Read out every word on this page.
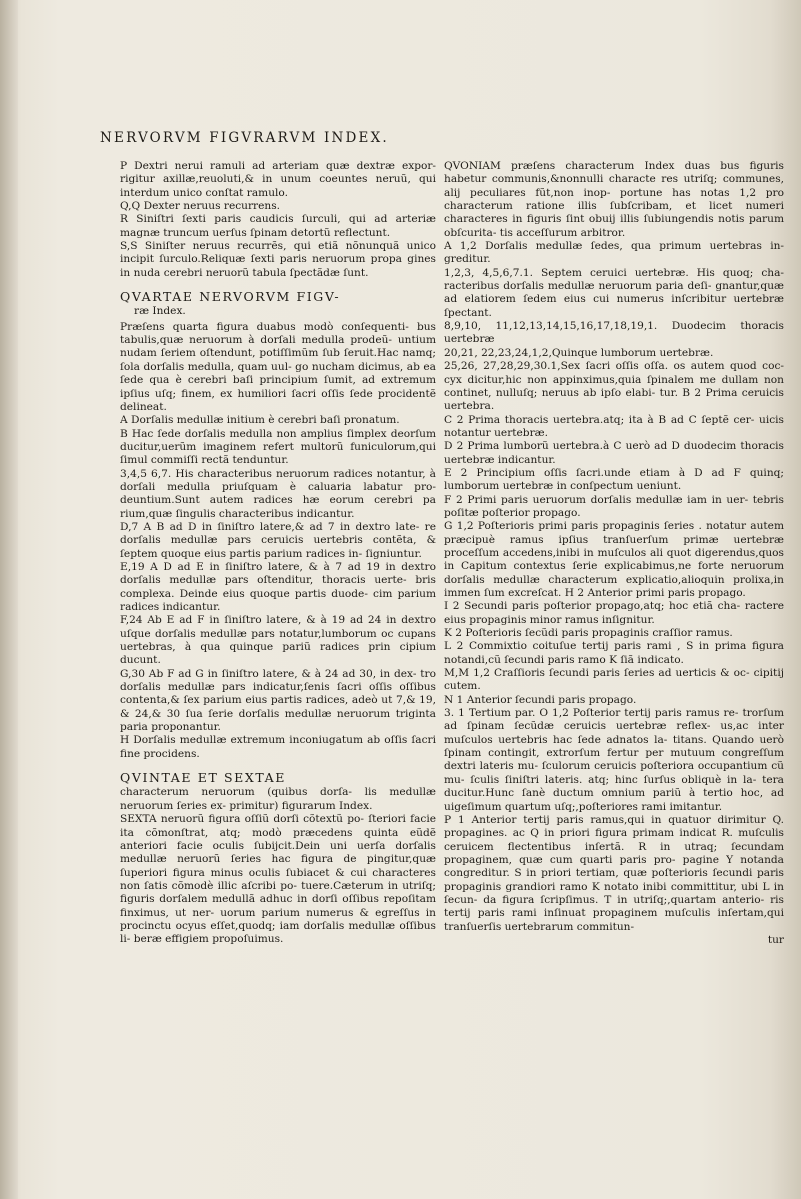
NERVORVM FIGVRARVM INDEX.

P Dextri nerui ramuli ad arteriam quæ dextræ expor- rigitur axillæ,reuoluti,& in unum coeuntes neruũ, qui interdum unico conſtat ramulo.

Q,Q Dexter neruus recurrens.

R Siniſtri ſexti paris caudicis ſurculi, qui ad arteriæ magnæ truncum uerſus ſpinam detortũ reflectunt.

S,S Siniſter neruus recurrẽs, qui etiã nõnunquã unico incipit ſurculo.Reliquæ ſexti paris neruorum propa gines in nuda cerebri neruorũ tabula ſpectãdæ ſunt.

QVARTAE NERVORVM FIGV-

ræ Index.

Præſens quarta figura duabus modò conſequenti- bus tabulis,quæ neruorum à dorſali medulla prodeũ- untium nudam ſeriem oſtendunt, potiſſimũm ſub ſeruit.Hac namq; ſola dorſalis medulla, quam uul- go nucham dicimus, ab ea ſede qua è cerebri baſi principium ſumit, ad extremum ipſius uſq; finem, ex humiliori ſacri oſſis ſede procidentẽ delineat.

A Dorſalis medullæ initium è cerebri baſi pronatum.

B Hac ſede dorſalis medulla non amplius ſimplex deorſum ducitur,uerũm imaginem refert multorũ funiculorum,qui ſimul commiſſi rectã tenduntur.

3,4,5 6,7. His characteribus neruorum radices notantur, à dorſali medulla priuſquam è caluaria labatur pro- deuntium.Sunt autem radices hæ eorum cerebri pa rium,quæ ſingulis characteribus indicantur.

D,7 A B ad D in ſiniſtro latere,& ad 7 in dextro late- re dorſalis medullæ pars ceruicis uertebris contẽta, & ſeptem quoque eius partis parium radices in- ſigniuntur.

E,19 A D ad E in ſiniſtro latere, & à 7 ad 19 in dextro dorſalis medullæ pars oſtenditur, thoracis uerte- bris complexa. Deinde eius quoque partis duode- cim parium radices indicantur.

F,24 Ab E ad F in ſiniſtro latere, & à 19 ad 24 in dextro uſque dorſalis medullæ pars notatur,lumborum oc cupans uertebras, à qua quinque pariũ radices prin cipium ducunt.

G,30 Ab F ad G in ſiniſtro latere, & à 24 ad 30, in dex- tro dorſalis medullæ pars indicatur,ſenis ſacri oſſis oſſibus contenta,& ſex parium eius partis radices, adeò ut 7,& 19, & 24,& 30 ſua ſerie dorſalis medullæ neruorum triginta paria proponantur.

H Dorſalis medullæ extremum inconiugatum ab oſſis ſacri fine procidens.

QVINTAE ET SEXTAE

characterum neruorum (quibus dorſa- lis medullæ neruorum ſeries ex- primitur) figurarum Index.

SEXTA neruorũ figura oſſiũ dorſi cõtextũ po- ſteriori facie ita cõmonſtrat, atq; modò præcedens quinta eũdẽ anteriori facie oculis ſubijcit.Dein uni uerſa dorſalis medullæ neruorũ ſeries hac figura de pingitur,quæ ſuperiori figura minus oculis ſubiacet & cui characteres non ſatis cõmodè illic aſcribi po- tuere.Cæterum in utriſq; figuris dorſalem medullã adhuc in dorſi oſſibus repoſitam finximus, ut ner- uorum parium numerus & egreſſus in procinctu ocyus eſſet,quodq; iam dorſalis medullæ oſſibus li- beræ effigiem propoſuimus.

QVONIAM præſens characterum Index duas bus figuris habetur communis,&nonnulli characte res utriſq; communes, alij peculiares fũt,non inop- portune has notas 1,2 pro characterum ratione illis ſubſcribam, et licet numeri characteres in figuris ſint obuij illis ſubiungendis notis parum obſcurita- tis acceſſurum arbitror.

A 1,2 Dorſalis medullæ ſedes, qua primum uertebras in- greditur.

1,2,3, 4,5,6,7.1. Septem ceruici uertebræ. His quoq; cha- racteribus dorſalis medullæ neruorum paria deſi- gnantur,quæ ad elatiorem ſedem eius cui numerus inſcribitur uertebræ ſpectant.

8,9,10, 11,12,13,14,15,16,17,18,19,1. Duodecim thoracis uertebræ

20,21, 22,23,24,1,2,Quinque lumborum uertebræ.

25,26, 27,28,29,30.1,Sex ſacri oſſis oſſa. os autem quod coc- cyx dicitur,hic non appinximus,quia ſpinalem me dullam non continet, nulluſq; neruus ab ipſo elabi- tur. B 2 Prima ceruicis uertebra.

C 2 Prima thoracis uertebra.atq; ita à B ad C ſeptẽ cer- uicis notantur uertebræ.

D 2 Prima lumborũ uertebra.à C uerò ad D duodecim thoracis uertebræ indicantur.

E 2 Principium oſſis ſacri.unde etiam à D ad F quinq; lumborum uertebræ in conſpectum ueniunt.

F 2 Primi paris ueruorum dorſalis medullæ iam in uer- tebris poſitæ poſterior propago.

G 1,2 Poſterioris primi paris propaginis ſeries . notatur autem præcipuè ramus ipſius tranſuerſum primæ uertebræ proceſſum accedens,inibi in muſculos ali quot digerendus,quos in Capitum contextus ſerie explicabimus,ne forte neruorum dorſalis medullæ characterum explicatio,alioquin prolixa,in immen ſum excreſcat. H 2 Anterior primi paris propago.

I 2 Secundi paris poſterior propago,atq; hoc etiã cha- ractere eius propaginis minor ramus inſignitur.

K 2 Poſterioris ſecũdi paris propaginis craſſior ramus.

L 2 Commixtio coituſue tertij paris rami , S in prima figura notandi,cũ ſecundi paris ramo K ſiã indicato.

M,M 1,2 Craſſioris ſecundi paris ſeries ad uerticis & oc- cipitij cutem.

N 1 Anterior ſecundi paris propago.

3. 1 Tertium par. O 1,2 Poſterior tertij paris ramus re- trorſum ad ſpinam ſecũdæ ceruicis uertebræ reflex- us,ac inter muſculos uertebris hac ſede adnatos la- titans. Quando uerò ſpinam contingit, extrorſum fertur per mutuum congreſſum dextri lateris mu- ſculorum ceruicis poſteriora occupantium cũ mu- ſculis ſiniſtri lateris. atq; hinc ſurſus obliquè in la- tera ducitur.Hunc ſanè ductum omnium pariũ à tertio hoc, ad uigeſimum quartum uſq;,poſteriores rami imitantur.

P 1 Anterior tertij paris ramus,qui in quatuor dirimitur Q. propagines. ac Q in priori figura primam indicat R. muſculis ceruicem flectentibus inſertã. R in utraq; ſecundam propaginem, quæ cum quarti paris pro- pagine Y notanda congreditur. S in priori tertiam, quæ poſterioris ſecundi paris propaginis grandiori ramo K notato inibi committitur, ubi L in ſecun- da figura ſcripſimus. T in utriſq;,quartam anterio- ris tertij paris rami inſinuat propaginem muſculis inſertam,qui tranſuerſis uertebrarum commitun-

tur
